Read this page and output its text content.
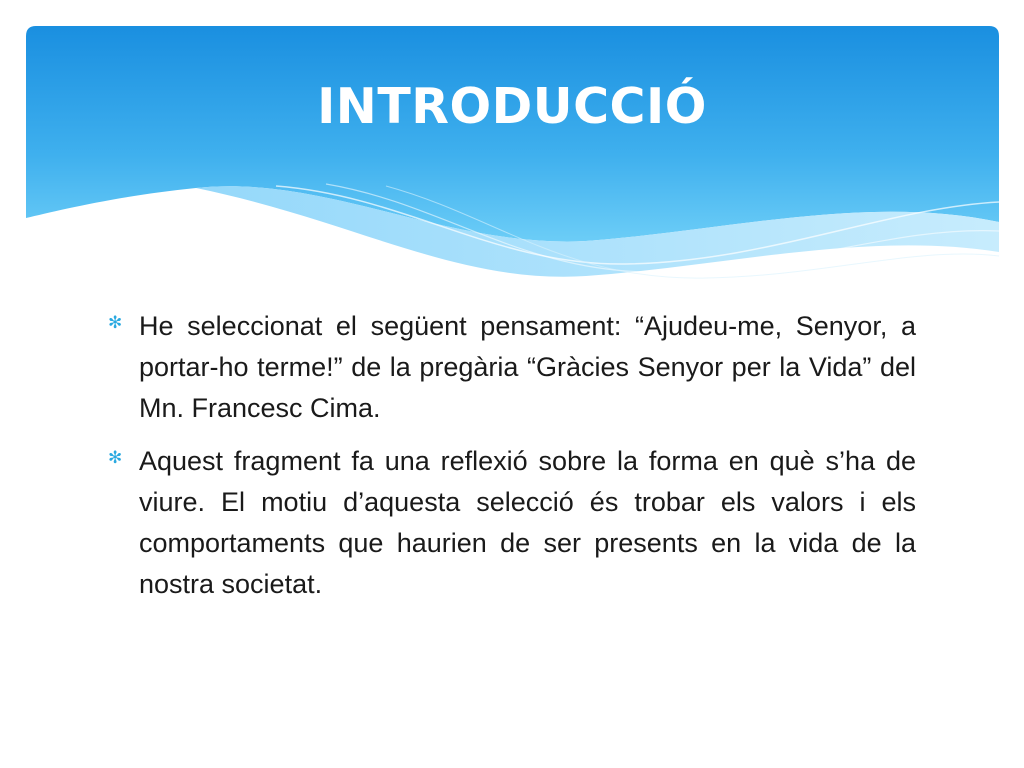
INTRODUCCIÓ
✻ He seleccionat el següent pensament: “Ajudeu-me, Senyor, a portar-ho terme!” de la pregària “Gràcies Senyor per la Vida” del Mn. Francesc Cima.
✻ Aquest fragment fa una reflexió sobre la forma en què s’ha de viure. El motiu d’aquesta selecció és trobar els valors i els comportaments que haurien de ser presents en la vida de la nostra societat.
